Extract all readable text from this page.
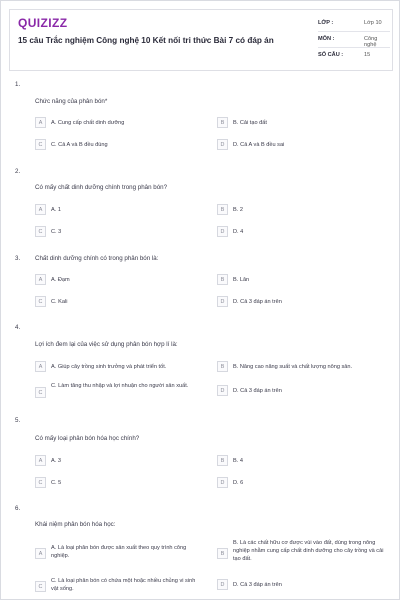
QUIZIZZ
15 câu Trắc nghiệm Công nghệ 10 Kết nối tri thức Bài 7 có đáp án
LỚP :	Lớp 10
MÔN :	Công nghệ
SỐ CÂU :	15
1.
Chức năng của phân bón*
A	A. Cung cấp chất dinh dưỡng	B	B. Cải tạo đất
C	C. Cả A và B đều đúng	D	D. Cả A và B đều sai
2.
Có mấy chất dinh dưỡng chính trong phân bón?
A	A. 1	B	B. 2
C	C. 3	D	D. 4
3. Chất dinh dưỡng chính có trong phân bón là:
A	A. Đạm	B	B. Lân
C	C. Kali	D	D. Cả 3 đáp án trên
4.
Lợi ích đem lại của việc sử dụng phân bón hợp lí là:
A	A. Giúp cây trồng sinh trưởng và phát triển tốt.	B	B. Nâng cao năng suất và chất lượng nông sản.
C
C. Làm tăng thu nhập và lợi nhuận cho người sản xuất.
D	D. Cả 3 đáp án trên
5.
Có mấy loại phân bón hóa học chính?
A	A. 3	B	B. 4
C	C. 5	D	D. 6
6.
Khái niệm phân bón hóa học:
A
A. Là loại phân bón được sản xuất theo quy trình công nghiệp.	B
B. Là các chất hữu cơ được vùi vào đất, dùng trong nông nghiệp nhằm cung cấp chất dinh dưỡng cho cây trồng và cải tạo đất.
C
C. Là loại phân bón có chứa một hoặc nhiều chủng vi sinh vật sống.
D	D. Cả 3 đáp án trên
